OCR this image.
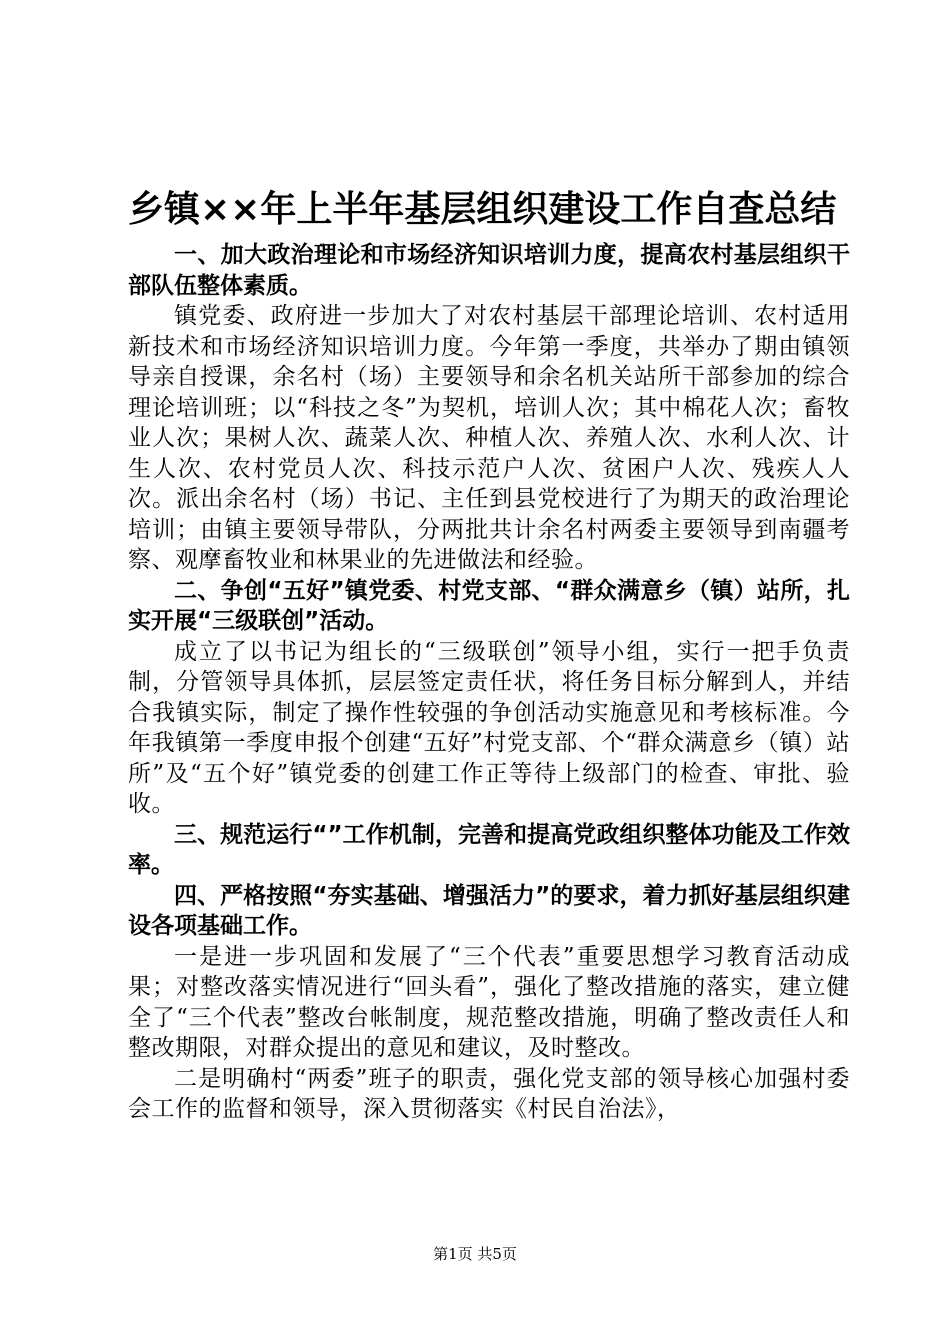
乡镇××年上半年基层组织建设工作自查总结

一、加大政治理论和市场经济知识培训力度，提高农村基层组织干部队伍整体素质。

镇党委、政府进一步加大了对农村基层干部理论培训、农村适用新技术和市场经济知识培训力度。今年第一季度，共举办了期由镇领导亲自授课，余名村（场）主要领导和余名机关站所干部参加的综合理论培训班；以“科技之冬”为契机，培训人次；其中棉花人次；畜牧业人次；果树人次、蔬菜人次、种植人次、养殖人次、水利人次、计生人次、农村党员人次、科技示范户人次、贫困户人次、残疾人人次。派出余名村（场）书记、主任到县党校进行了为期天的政治理论培训；由镇主要领导带队，分两批共计余名村两委主要领导到南疆考察、观摩畜牧业和林果业的先进做法和经验。

二、争创“五好”镇党委、村党支部、“群众满意乡（镇）站所，扎实开展“三级联创”活动。

成立了以书记为组长的“三级联创”领导小组，实行一把手负责制，分管领导具体抓，层层签定责任状，将任务目标分解到人，并结合我镇实际，制定了操作性较强的争创活动实施意见和考核标准。今年我镇第一季度申报个创建“五好”村党支部、个“群众满意乡（镇）站所”及“五个好”镇党委的创建工作正等待上级部门的检查、审批、验收。

三、规范运行“”工作机制，完善和提高党政组织整体功能及工作效率。

四、严格按照“夯实基础、增强活力”的要求，着力抓好基层组织建设各项基础工作。

一是进一步巩固和发展了“三个代表”重要思想学习教育活动成果；对整改落实情况进行“回头看”，强化了整改措施的落实，建立健全了“三个代表”整改台帐制度，规范整改措施，明确了整改责任人和整改期限，对群众提出的意见和建议，及时整改。

二是明确村“两委”班子的职责，强化党支部的领导核心加强村委会工作的监督和领导，深入贯彻落实《村民自治法》，

第1页 共5页
